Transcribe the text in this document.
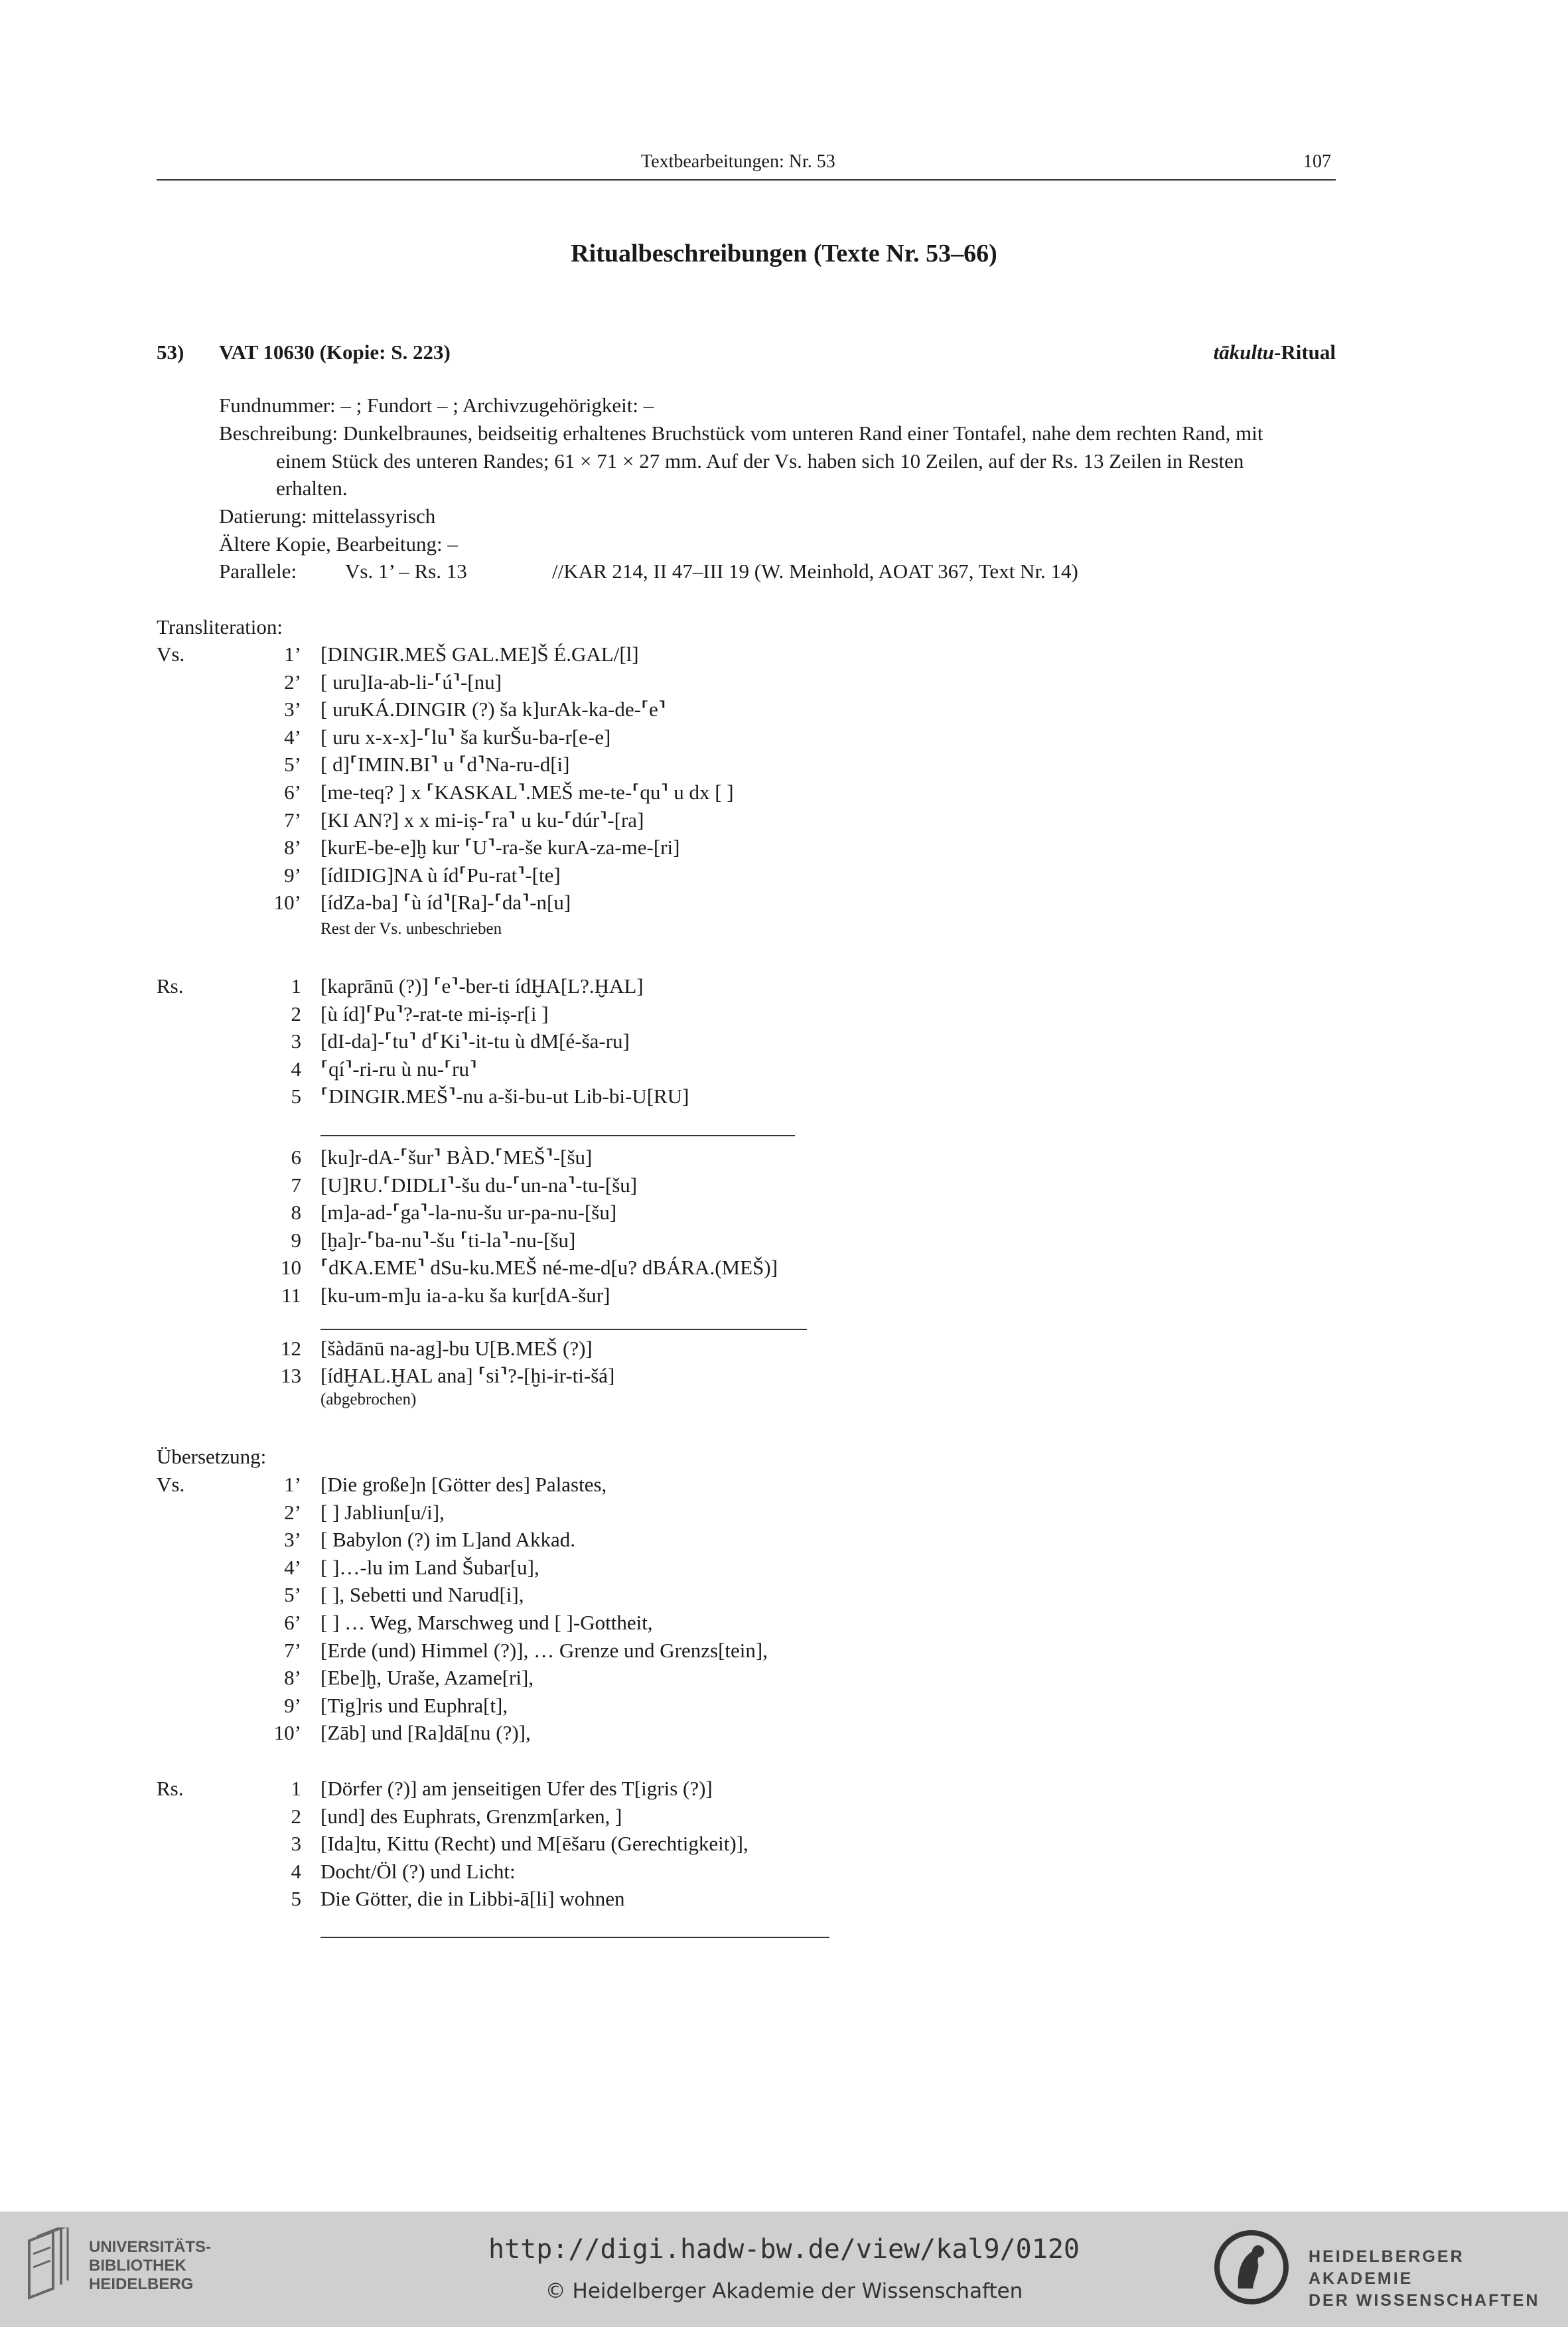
Textbearbeitungen: Nr. 53	107
Ritualbeschreibungen (Texte Nr. 53–66)
53) VAT 10630 (Kopie: S. 223)	tākultu-Ritual
Fundnummer: – ; Fundort – ; Archivzugehörigkeit: –
Beschreibung: Dunkelbraunes, beidseitig erhaltenes Bruchstück vom unteren Rand einer Tontafel, nahe dem rechten Rand, mit
einem Stück des unteren Randes; 61 × 71 × 27 mm. Auf der Vs. haben sich 10 Zeilen, auf der Rs. 13 Zeilen in Resten
erhalten.
Datierung: mittelassyrisch
Ältere Kopie, Bearbeitung: –
Parallele: Vs. 1’ – Rs. 13	//KAR 214, II 47–III 19 (W. Meinhold, AOAT 367, Text Nr. 14)
Transliteration:
Vs.	1’ [DINGIR.MEŠ GAL.ME]Š É.GAL/[l]
2’ [ uru]Ia-ab-li-⸢ú⸣-[nu]
3’ [ uruKÁ.DINGIR (?) ša k]urAk-ka-de-⸢e⸣
4’ [ uru x-x-x]-⸢lu⸣ ša kurŠu-ba-r[e-e]
5’ [ d]⸢IMIN.BI⸣ u ⸢d⸣Na-ru-d[i]
6’ [me-teq? ] x ⸢KASKAL⸣.MEŠ me-te-⸢qu⸣ u dx [ ]
7’ [KI AN?] x x mi-iṣ-⸢ra⸣ u ku-⸢dúr⸣-[ra]
8’ [kurE-be-e]ḫ kur ⸢U⸣-ra-še kurA-za-me-[ri]
9’ [ídIDIG]NA ù íd⸢Pu-rat⸣-[te]
10’ [ídZa-ba] ⸢ù íd⸣[Ra]-⸢da⸣-n[u]
Rest der Vs. unbeschrieben
Rs.	1 [kaprānū (?)] ⸢e⸣-ber-ti ídḪA[L?.ḪAL]
2 [ù íd]⸢Pu⸣?-rat-te mi-iṣ-r[i ]
3 [dI-da]-⸢tu⸣ d⸢Ki⸣-it-tu ù dM[é-ša-ru]
4 ⸢qí⸣-ri-ru ù nu-⸢ru⸣
5 ⸢DINGIR.MEŠ⸣-nu a-ši-bu-ut Lib-bi-U[RU]
6 [ku]r-dA-⸢šur⸣ BÀD.⸢MEŠ⸣-[šu]
7 [U]RU.⸢DIDLI⸣-šu du-⸢un-na⸣-tu-[šu]
8 [m]a-ad-⸢ga⸣-la-nu-šu ur-pa-nu-[šu]
9 [ḫa]r-⸢ba-nu⸣-šu ⸢ti-la⸣-nu-[šu]
10 ⸢dKA.EME⸣ dSu-ku.MEŠ né-me-d[u? dBÁRA.(MEŠ)]
11 [ku-um-m]u ia-a-ku ša kur[dA-šur]
12 [šàdānū na-ag]-bu U[B.MEŠ (?)]
13 [ídḪAL.ḪAL ana] ⸢si⸣?-[ḫi-ir-ti-šá]
(abgebrochen)
Übersetzung:
Vs.	1’ [Die große]n [Götter des] Palastes,
2’ [ ] Jabliun[u/i],
3’ [ Babylon (?) im L]and Akkad.
4’ [ ]…-lu im Land Šubar[u],
5’ [ ], Sebetti und Narud[i],
6’ [ ] … Weg, Marschweg und [ ]-Gottheit,
7’ [Erde (und) Himmel (?)], … Grenze und Grenzs[tein],
8’ [Ebe]ḫ, Uraše, Azame[ri],
9’ [Tig]ris und Euphra[t],
10’ [Zāb] und [Ra]dā[nu (?)],
Rs.	1 [Dörfer (?)] am jenseitigen Ufer des T[igris (?)]
2 [und] des Euphrats, Grenzm[arken, ]
3 [Ida]tu, Kittu (Recht) und M[ēšaru (Gerechtigkeit)],
4 Docht/Öl (?) und Licht:
5 Die Götter, die in Libbi-ā[li] wohnen
UNIVERSITÄTS-
BIBLIOTHEK
HEIDELBERG
http://digi.hadw-bw.de/view/kal9/0120
© Heidelberger Akademie der Wissenschaften
HEIDELBERGER AKADEMIE
DER WISSENSCHAFTEN
